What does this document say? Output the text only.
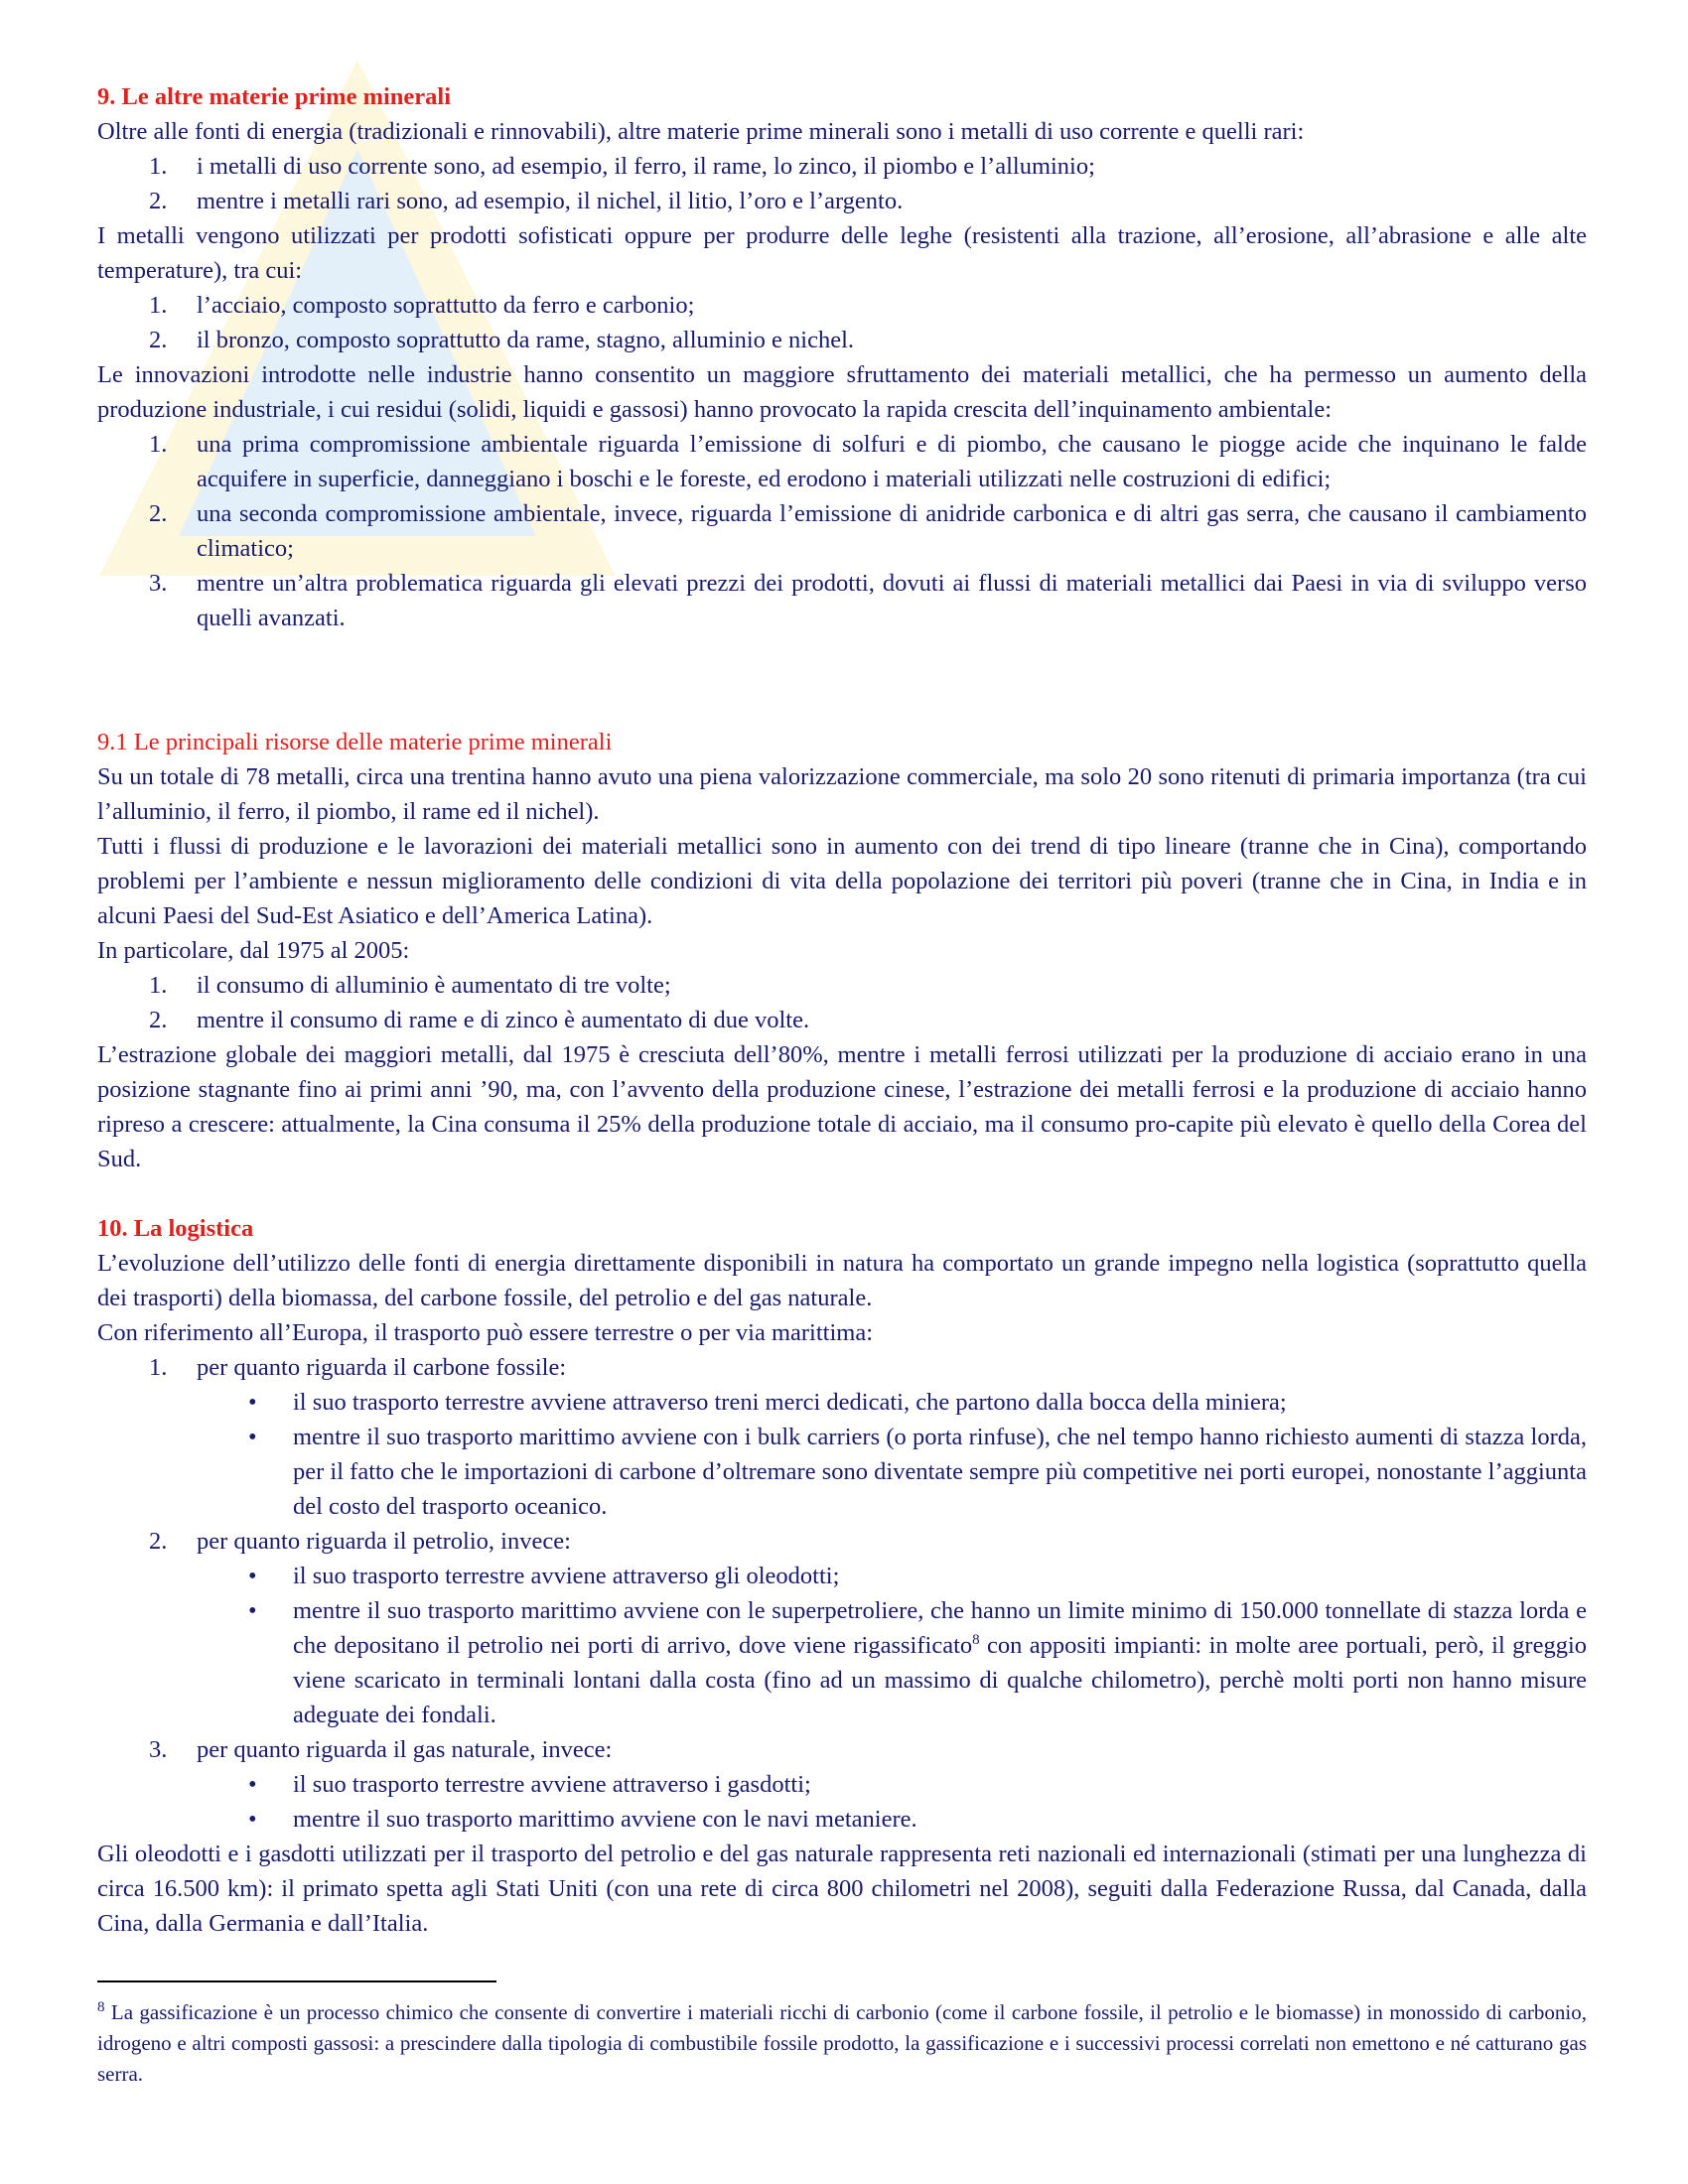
9. Le altre materie prime minerali

Oltre alle fonti di energia (tradizionali e rinnovabili), altre materie prime minerali sono i metalli di uso corrente e quelli rari:

1. i metalli di uso corrente sono, ad esempio, il ferro, il rame, lo zinco, il piombo e l’alluminio;
2. mentre i metalli rari sono, ad esempio, il nichel, il litio, l’oro e l’argento.

I metalli vengono utilizzati per prodotti sofisticati oppure per produrre delle leghe (resistenti alla trazione, all’erosione, all’abrasione e alle alte temperature), tra cui:

1. l’acciaio, composto soprattutto da ferro e carbonio;
2. il bronzo, composto soprattutto da rame, stagno, alluminio e nichel.

Le innovazioni introdotte nelle industrie hanno consentito un maggiore sfruttamento dei materiali metallici, che ha permesso un aumento della produzione industriale, i cui residui (solidi, liquidi e gassosi) hanno provocato la rapida crescita dell’inquinamento ambientale:

1. una prima compromissione ambientale riguarda l’emissione di solfuri e di piombo, che causano le piogge acide che inquinano le falde acquifere in superficie, danneggiano i boschi e le foreste, ed erodono i materiali utilizzati nelle costruzioni di edifici;
2. una seconda compromissione ambientale, invece, riguarda l’emissione di anidride carbonica e di altri gas serra, che causano il cambiamento climatico;
3. mentre un’altra problematica riguarda gli elevati prezzi dei prodotti, dovuti ai flussi di materiali metallici dai Paesi in via di sviluppo verso quelli avanzati.

9.1 Le principali risorse delle materie prime minerali

Su un totale di 78 metalli, circa una trentina hanno avuto una piena valorizzazione commerciale, ma solo 20 sono ritenuti di primaria importanza (tra cui l’alluminio, il ferro, il piombo, il rame ed il nichel).

Tutti i flussi di produzione e le lavorazioni dei materiali metallici sono in aumento con dei trend di tipo lineare (tranne che in Cina), comportando problemi per l’ambiente e nessun miglioramento delle condizioni di vita della popolazione dei territori più poveri (tranne che in Cina, in India e in alcuni Paesi del Sud-Est Asiatico e dell’America Latina).

In particolare, dal 1975 al 2005:

1. il consumo di alluminio è aumentato di tre volte;
2. mentre il consumo di rame e di zinco è aumentato di due volte.

L’estrazione globale dei maggiori metalli, dal 1975 è cresciuta dell’80%, mentre i metalli ferrosi utilizzati per la produzione di acciaio erano in una posizione stagnante fino ai primi anni ’90, ma, con l’avvento della produzione cinese, l’estrazione dei metalli ferrosi e la produzione di acciaio hanno ripreso a crescere: attualmente, la Cina consuma il 25% della produzione totale di acciaio, ma il consumo pro-capite più elevato è quello della Corea del Sud.

10. La logistica

L’evoluzione dell’utilizzo delle fonti di energia direttamente disponibili in natura ha comportato un grande impegno nella logistica (soprattutto quella dei trasporti) della biomassa, del carbone fossile, del petrolio e del gas naturale.

Con riferimento all’Europa, il trasporto può essere terrestre o per via marittima:

1. per quanto riguarda il carbone fossile:
• il suo trasporto terrestre avviene attraverso treni merci dedicati, che partono dalla bocca della miniera;
• mentre il suo trasporto marittimo avviene con i bulk carriers (o porta rinfuse), che nel tempo hanno richiesto aumenti di stazza lorda, per il fatto che le importazioni di carbone d’oltremare sono diventate sempre più competitive nei porti europei, nonostante l’aggiunta del costo del trasporto oceanico.
2. per quanto riguarda il petrolio, invece:
• il suo trasporto terrestre avviene attraverso gli oleodotti;
• mentre il suo trasporto marittimo avviene con le superpetroliere, che hanno un limite minimo di 150.000 tonnellate di stazza lorda e che depositano il petrolio nei porti di arrivo, dove viene rigassificato$^8$ con appositi impianti: in molte aree portuali, però, il greggio viene scaricato in terminali lontani dalla costa (fino ad un massimo di qualche chilometro), perchè molti porti non hanno misure adeguate dei fondali.
3. per quanto riguarda il gas naturale, invece:
• il suo trasporto terrestre avviene attraverso i gasdotti;
• mentre il suo trasporto marittimo avviene con le navi metaniere.

Gli oleodotti e i gasdotti utilizzati per il trasporto del petrolio e del gas naturale rappresenta reti nazionali ed internazionali (stimati per una lunghezza di circa 16.500 km): il primato spetta agli Stati Uniti (con una rete di circa 800 chilometri nel 2008), seguiti dalla Federazione Russa, dal Canada, dalla Cina, dalla Germania e dall’Italia.

$^8$ La gassificazione è un processo chimico che consente di convertire i materiali ricchi di carbonio (come il carbone fossile, il petrolio e le biomasse) in monossido di carbonio, idrogeno e altri composti gassosi: a prescindere dalla tipologia di combustibile fossile prodotto, la gassificazione e i successivi processi correlati non emettono e né catturano gas serra.
